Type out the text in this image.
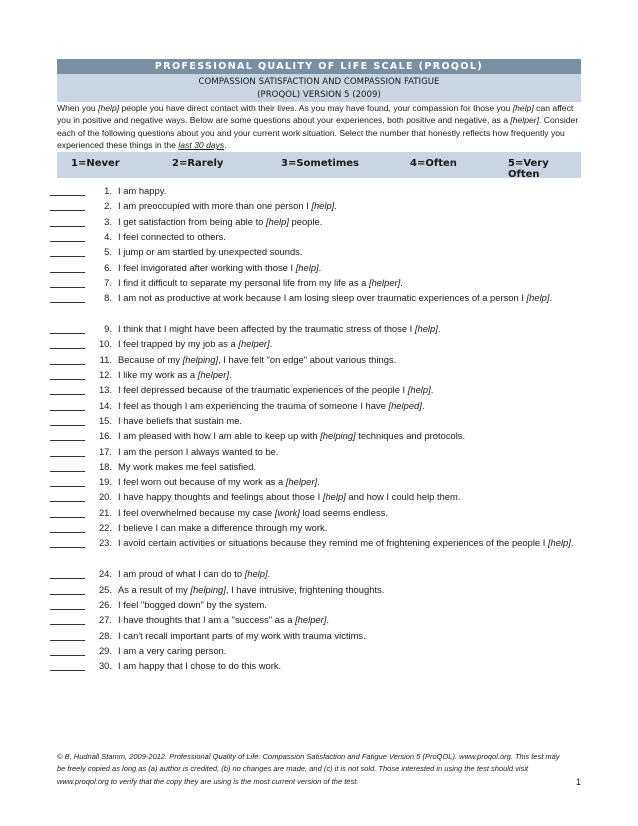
PROFESSIONAL QUALITY OF LIFE SCALE (PROQOL)
COMPASSION SATISFACTION AND COMPASSION FATIGUE
(PROQOL) VERSION 5 (2009)
When you [help] people you have direct contact with their lives. As you may have found, your compassion for those you [help] can affect you in positive and negative ways. Below are some questions about your experiences, both positive and negative, as a [helper]. Consider each of the following questions about you and your current work situation. Select the number that honestly reflects how frequently you experienced these things in the last 30 days.
1=Never	2=Rarely	3=Sometimes	4=Often	5=Very Often
1. I am happy.
2. I am preoccupied with more than one person I [help].
3. I get satisfaction from being able to [help] people.
4. I feel connected to others.
5. I jump or am startled by unexpected sounds.
6. I feel invigorated after working with those I [help].
7. I find it difficult to separate my personal life from my life as a [helper].
8. I am not as productive at work because I am losing sleep over traumatic experiences of a person I [help].
9. I think that I might have been affected by the traumatic stress of those I [help].
10. I feel trapped by my job as a [helper].
11. Because of my [helping], I have felt "on edge" about various things.
12. I like my work as a [helper].
13. I feel depressed because of the traumatic experiences of the people I [help].
14. I feel as though I am experiencing the trauma of someone I have [helped].
15. I have beliefs that sustain me.
16. I am pleased with how I am able to keep up with [helping] techniques and protocols.
17. I am the person I always wanted to be.
18. My work makes me feel satisfied.
19. I feel worn out because of my work as a [helper].
20. I have happy thoughts and feelings about those I [help] and how I could help them.
21. I feel overwhelmed because my case [work] load seems endless.
22. I believe I can make a difference through my work.
23. I avoid certain activities or situations because they remind me of frightening experiences of the people I [help].
24. I am proud of what I can do to [help].
25. As a result of my [helping], I have intrusive, frightening thoughts.
26. I feel "bogged down" by the system.
27. I have thoughts that I am a "success" as a [helper].
28. I can't recall important parts of my work with trauma victims.
29. I am a very caring person.
30. I am happy that I chose to do this work.
© B. Hudnall Stamm, 2009-2012. Professional Quality of Life: Compassion Satisfaction and Fatigue Version 5 (ProQOL). www.proqol.org. This test may be freely copied as long as (a) author is credited, (b) no changes are made, and (c) it is not sold. Those interested in using the test should visit www.proqol.org to verify that the copy they are using is the most current version of the test.	1
